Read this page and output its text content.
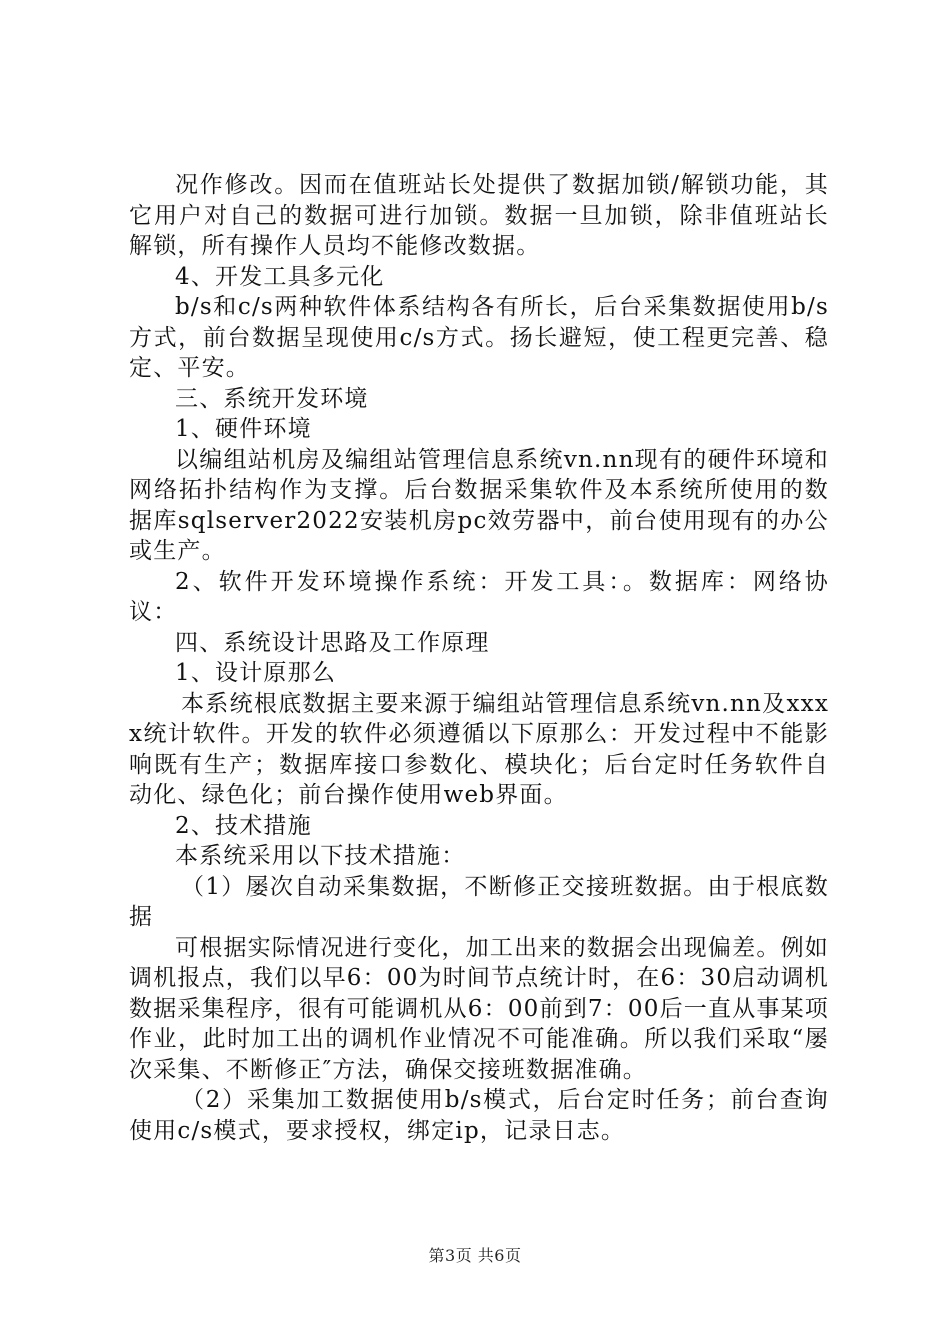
况作修改。因而在值班站长处提供了数据加锁/解锁功能，其它用户对自己的数据可进行加锁。数据一旦加锁，除非值班站长解锁，所有操作人员均不能修改数据。

4、开发工具多元化

b/s和c/s两种软件体系结构各有所长，后台采集数据使用b/s方式，前台数据呈现使用c/s方式。扬长避短，使工程更完善、稳定、平安。

三、系统开发环境

1、硬件环境

以编组站机房及编组站管理信息系统vn.nn现有的硬件环境和网络拓扑结构作为支撑。后台数据采集软件及本系统所使用的数据库sqlserver2022安装机房pc效劳器中，前台使用现有的办公或生产。

2、软件开发环境操作系统：开发工具：。数据库：网络协议：

四、系统设计思路及工作原理

1、设计原那么

本系统根底数据主要来源于编组站管理信息系统vn.nn及xxxx统计软件。开发的软件必须遵循以下原那么：开发过程中不能影响既有生产；数据库接口参数化、模块化；后台定时任务软件自动化、绿色化；前台操作使用web界面。

2、技术措施

本系统采用以下技术措施：

（1）屡次自动采集数据，不断修正交接班数据。由于根底数据

可根据实际情况进行变化，加工出来的数据会出现偏差。例如调机报点，我们以早6：00为时间节点统计时，在6：30启动调机数据采集程序，很有可能调机从6：00前到7：00后一直从事某项作业，此时加工出的调机作业情况不可能准确。所以我们采取“屡次采集、不断修正″方法，确保交接班数据准确。

（2）采集加工数据使用b/s模式，后台定时任务；前台查询使用c/s模式，要求授权，绑定ip，记录日志。

第3页 共6页
